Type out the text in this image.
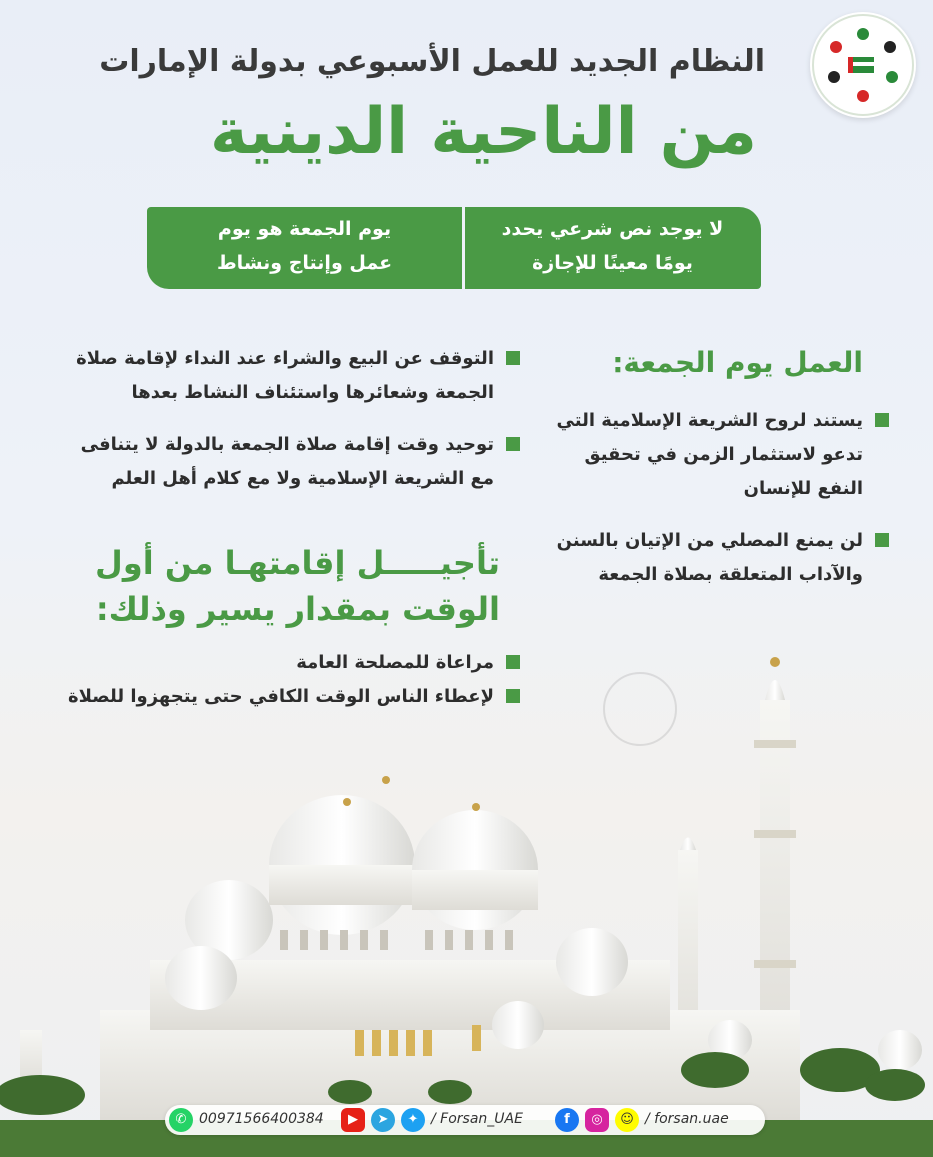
النظام الجديد للعمل الأسبوعي بدولة الإمارات
من الناحية الدينية
لا يوجد نص شرعي يحدد
يومًا معينًا للإجازة
يوم الجمعة هو يوم
عمل وإنتاج ونشاط
العمل يوم الجمعة:
يستند لروح الشريعة الإسلامية التي تدعو لاستثمار الزمن في تحقيق النفع للإنسان
لن يمنع المصلي من الإتيان بالسنن والآداب المتعلقة بصلاة الجمعة
التوقف عن البيع والشراء عند النداء لإقامة صلاة الجمعة وشعائرها واستئناف النشاط بعدها
توحيد وقت إقامة صلاة الجمعة بالدولة لا يتنافى مع الشريعة الإسلامية ولا مع كلام أهل العلم
تأجيـــــل إقامتهـا من أول
الوقت بمقدار يسير وذلك:
مراعاة للمصلحة العامة
لإعطاء الناس الوقت الكافي حتى يتجهزوا للصلاة
✆ 00971566400384	▶	➤	✦ / Forsan_UAE	f	◎	☺ / forsan.uae
